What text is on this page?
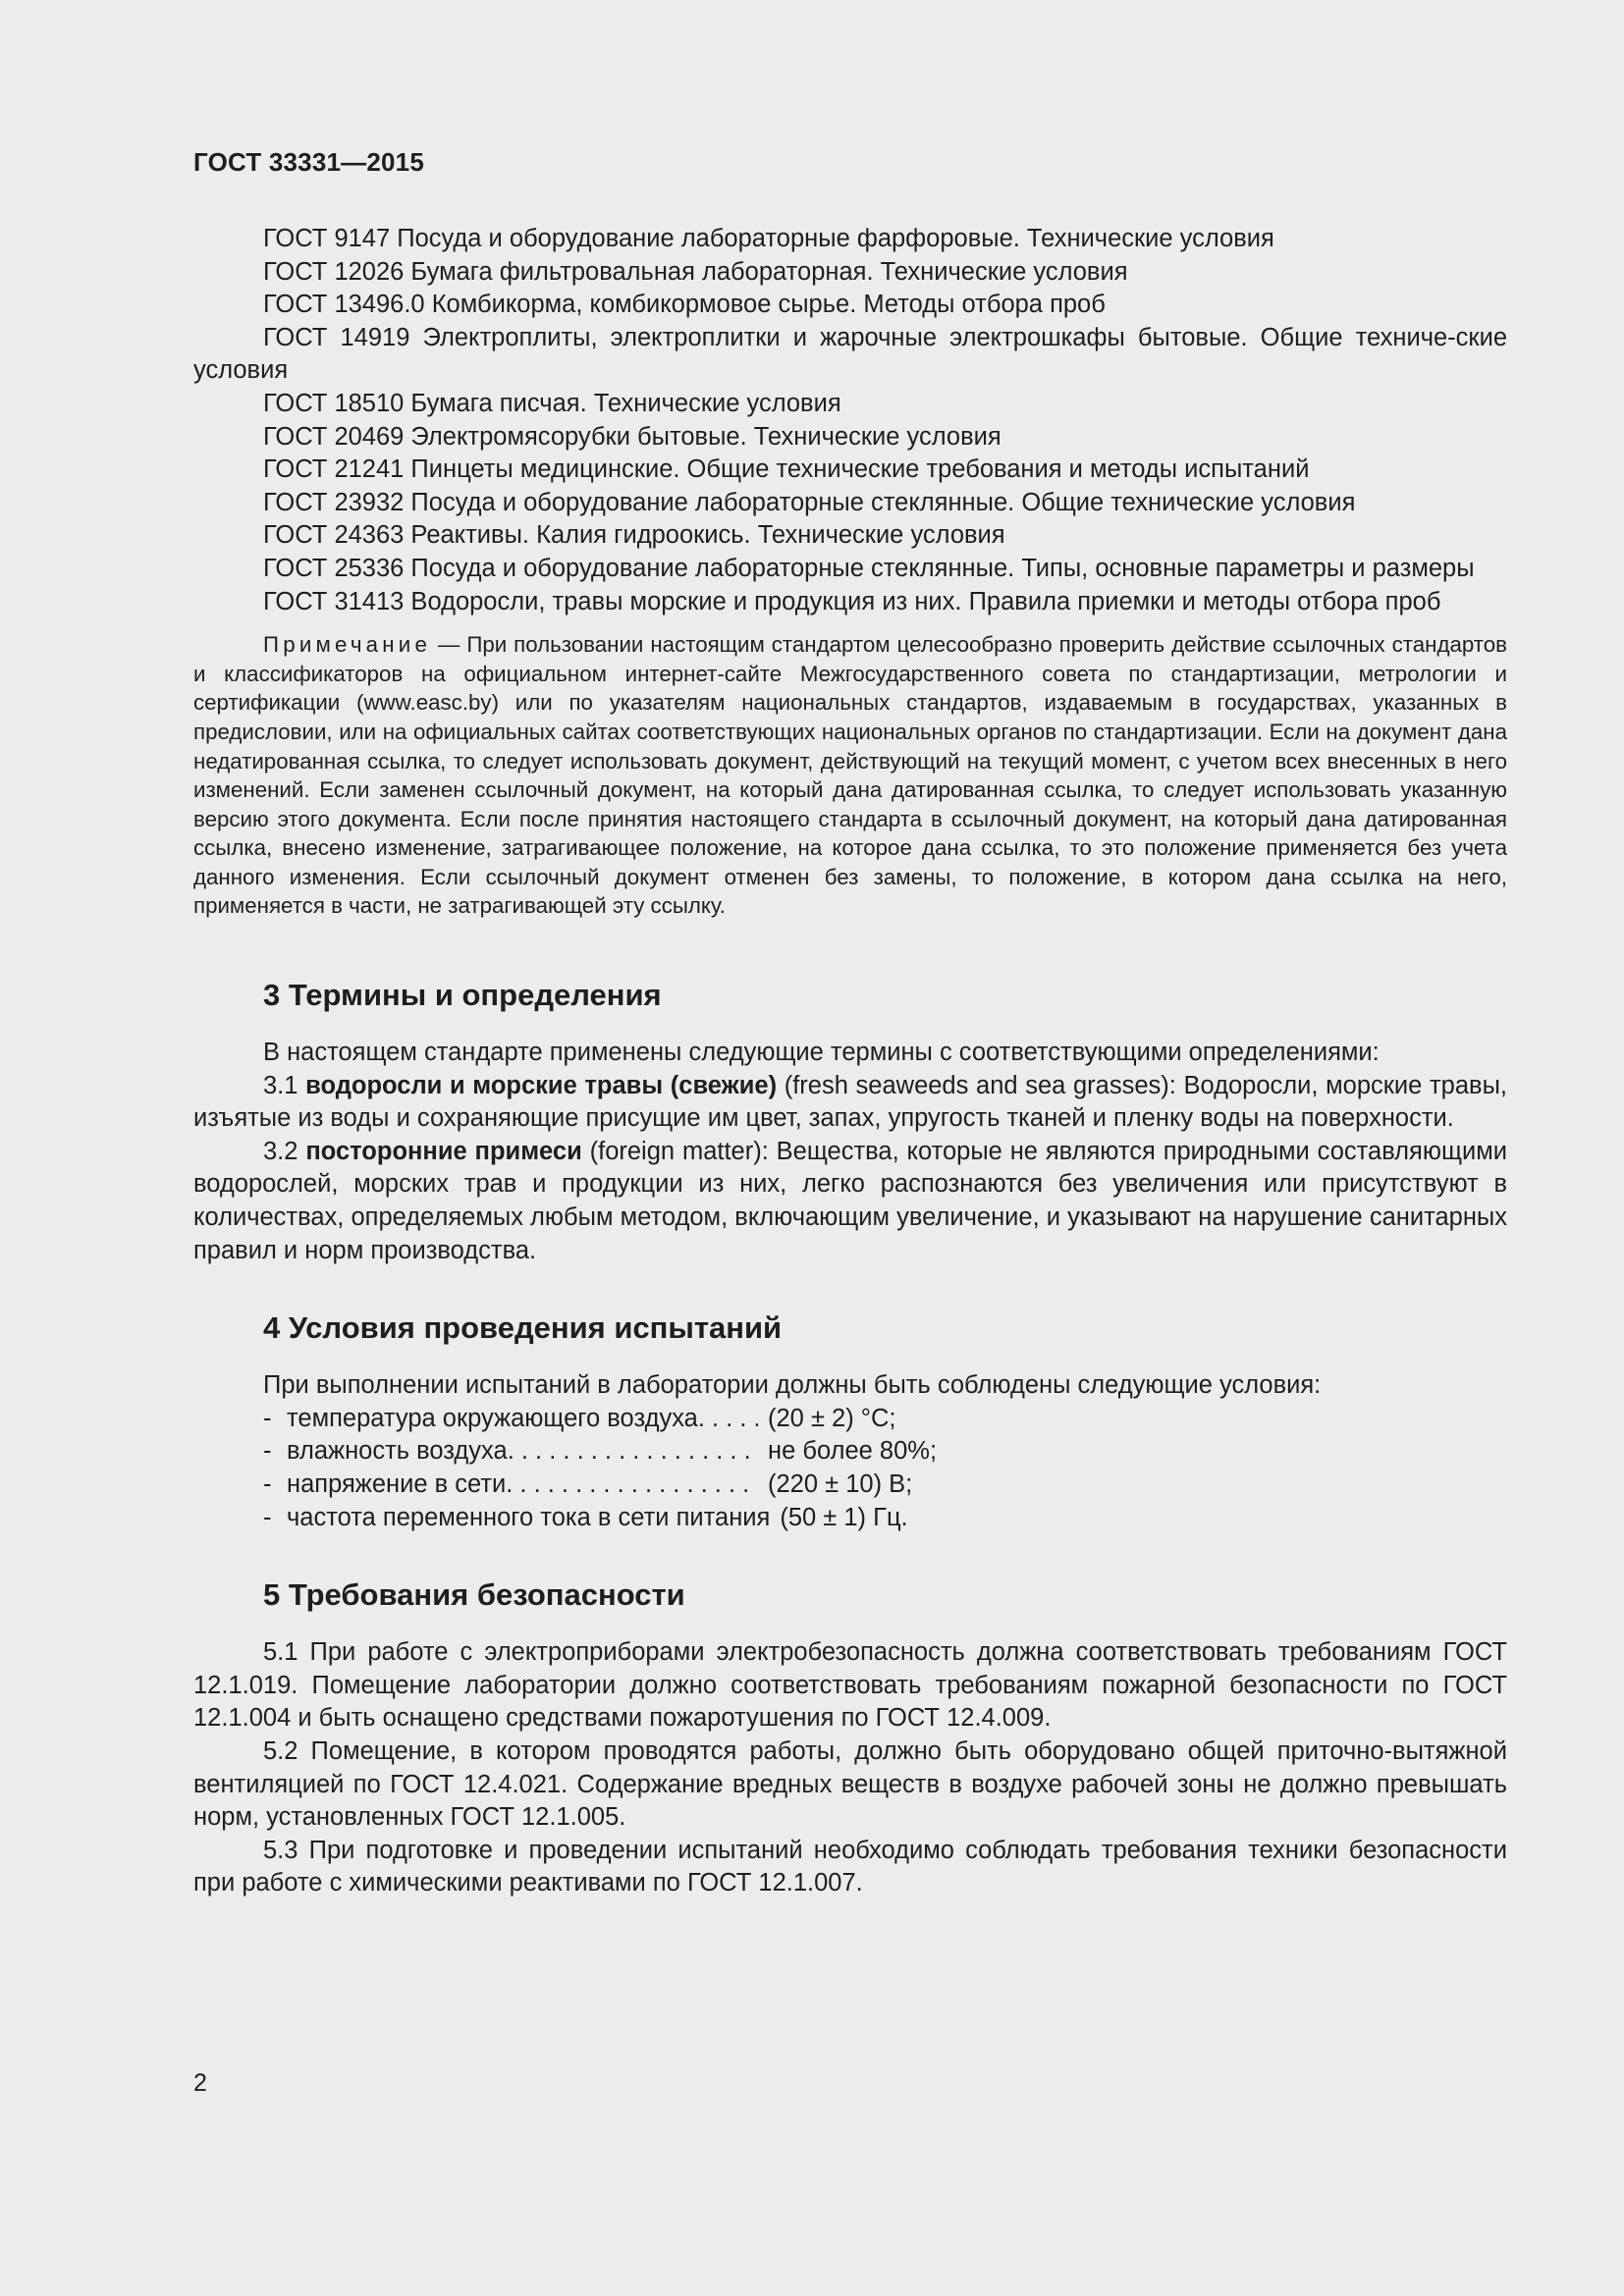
ГОСТ 33331—2015

ГОСТ 9147 Посуда и оборудование лабораторные фарфоровые. Технические условия

ГОСТ 12026 Бумага фильтровальная лабораторная. Технические условия

ГОСТ 13496.0 Комбикорма, комбикормовое сырье. Методы отбора проб

ГОСТ 14919 Электроплиты, электроплитки и жарочные электрошкафы бытовые. Общие техниче-ские условия

ГОСТ 18510 Бумага писчая. Технические условия

ГОСТ 20469 Электромясорубки бытовые. Технические условия

ГОСТ 21241 Пинцеты медицинские. Общие технические требования и методы испытаний

ГОСТ 23932 Посуда и оборудование лабораторные стеклянные. Общие технические условия

ГОСТ 24363 Реактивы. Калия гидроокись. Технические условия

ГОСТ 25336 Посуда и оборудование лабораторные стеклянные. Типы, основные параметры и размеры

ГОСТ 31413 Водоросли, травы морские и продукция из них. Правила приемки и методы отбора проб

Примечание — При пользовании настоящим стандартом целесообразно проверить действие ссылочных стандартов и классификаторов на официальном интернет-сайте Межгосударственного совета по стандартизации, метрологии и сертификации (www.easc.by) или по указателям национальных стандартов, издаваемым в государствах, указанных в предисловии, или на официальных сайтах соответствующих национальных органов по стандартизации. Если на документ дана недатированная ссылка, то следует использовать документ, действующий на текущий момент, с учетом всех внесенных в него изменений. Если заменен ссылочный документ, на который дана датированная ссылка, то следует использовать указанную версию этого документа. Если после принятия настоящего стандарта в ссылочный документ, на который дана датированная ссылка, внесено изменение, затрагивающее положение, на которое дана ссылка, то это положение применяется без учета данного изменения. Если ссылочный документ отменен без замены, то положение, в котором дана ссылка на него, применяется в части, не затрагивающей эту ссылку.

3 Термины и определения

В настоящем стандарте применены следующие термины с соответствующими определениями:

3.1 водоросли и морские травы (свежие) (fresh seaweeds and sea grasses): Водоросли, морские травы, изъятые из воды и сохраняющие присущие им цвет, запах, упругость тканей и пленку воды на поверхности.

3.2 посторонние примеси (foreign matter): Вещества, которые не являются природными составляющими водорослей, морских трав и продукции из них, легко распознаются без увеличения или присутствуют в количествах, определяемых любым методом, включающим увеличение, и указывают на нарушение санитарных правил и норм производства.

4 Условия проведения испытаний

При выполнении испытаний в лаборатории должны быть соблюдены следующие условия:

- температура окружающего воздуха . . .	(20 ± 2) °С;
- влажность воздуха . . .	не более 80%;
- напряжение в сети . . .	(220 ± 10) В;
- частота переменного тока в сети питания (50 ± 1) Гц.
5 Требования безопасности

5.1 При работе с электроприборами электробезопасность должна соответствовать требованиям ГОСТ 12.1.019. Помещение лаборатории должно соответствовать требованиям пожарной безопасности по ГОСТ 12.1.004 и быть оснащено средствами пожаротушения по ГОСТ 12.4.009.

5.2 Помещение, в котором проводятся работы, должно быть оборудовано общей приточно-вытяжной вентиляцией по ГОСТ 12.4.021. Содержание вредных веществ в воздухе рабочей зоны не должно превышать норм, установленных ГОСТ 12.1.005.

5.3 При подготовке и проведении испытаний необходимо соблюдать требования техники безопасности при работе с химическими реактивами по ГОСТ 12.1.007.

2
